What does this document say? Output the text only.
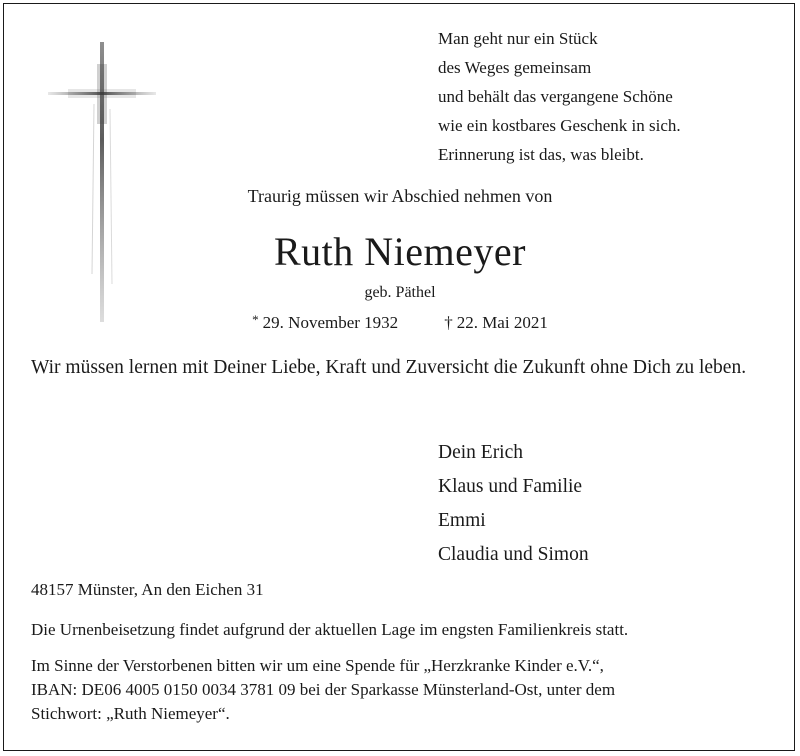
Man geht nur ein Stück
des Weges gemeinsam
und behält das vergangene Schöne
wie ein kostbares Geschenk in sich.
Erinnerung ist das, was bleibt.
Traurig müssen wir Abschied nehmen von
Ruth Niemeyer
geb. Päthel
* 29. November 1932	† 22. Mai 2021
Wir müssen lernen mit Deiner Liebe, Kraft und Zuversicht die Zukunft ohne Dich zu leben.
Dein Erich
Klaus und Familie
Emmi
Claudia und Simon
48157 Münster, An den Eichen 31
Die Urnenbeisetzung findet aufgrund der aktuellen Lage im engsten Familienkreis statt.
Im Sinne der Verstorbenen bitten wir um eine Spende für „Herzkranke Kinder e.V.“,
IBAN: DE06 4005 0150 0034 3781 09 bei der Sparkasse Münsterland-Ost, unter dem
Stichwort: „Ruth Niemeyer“.
